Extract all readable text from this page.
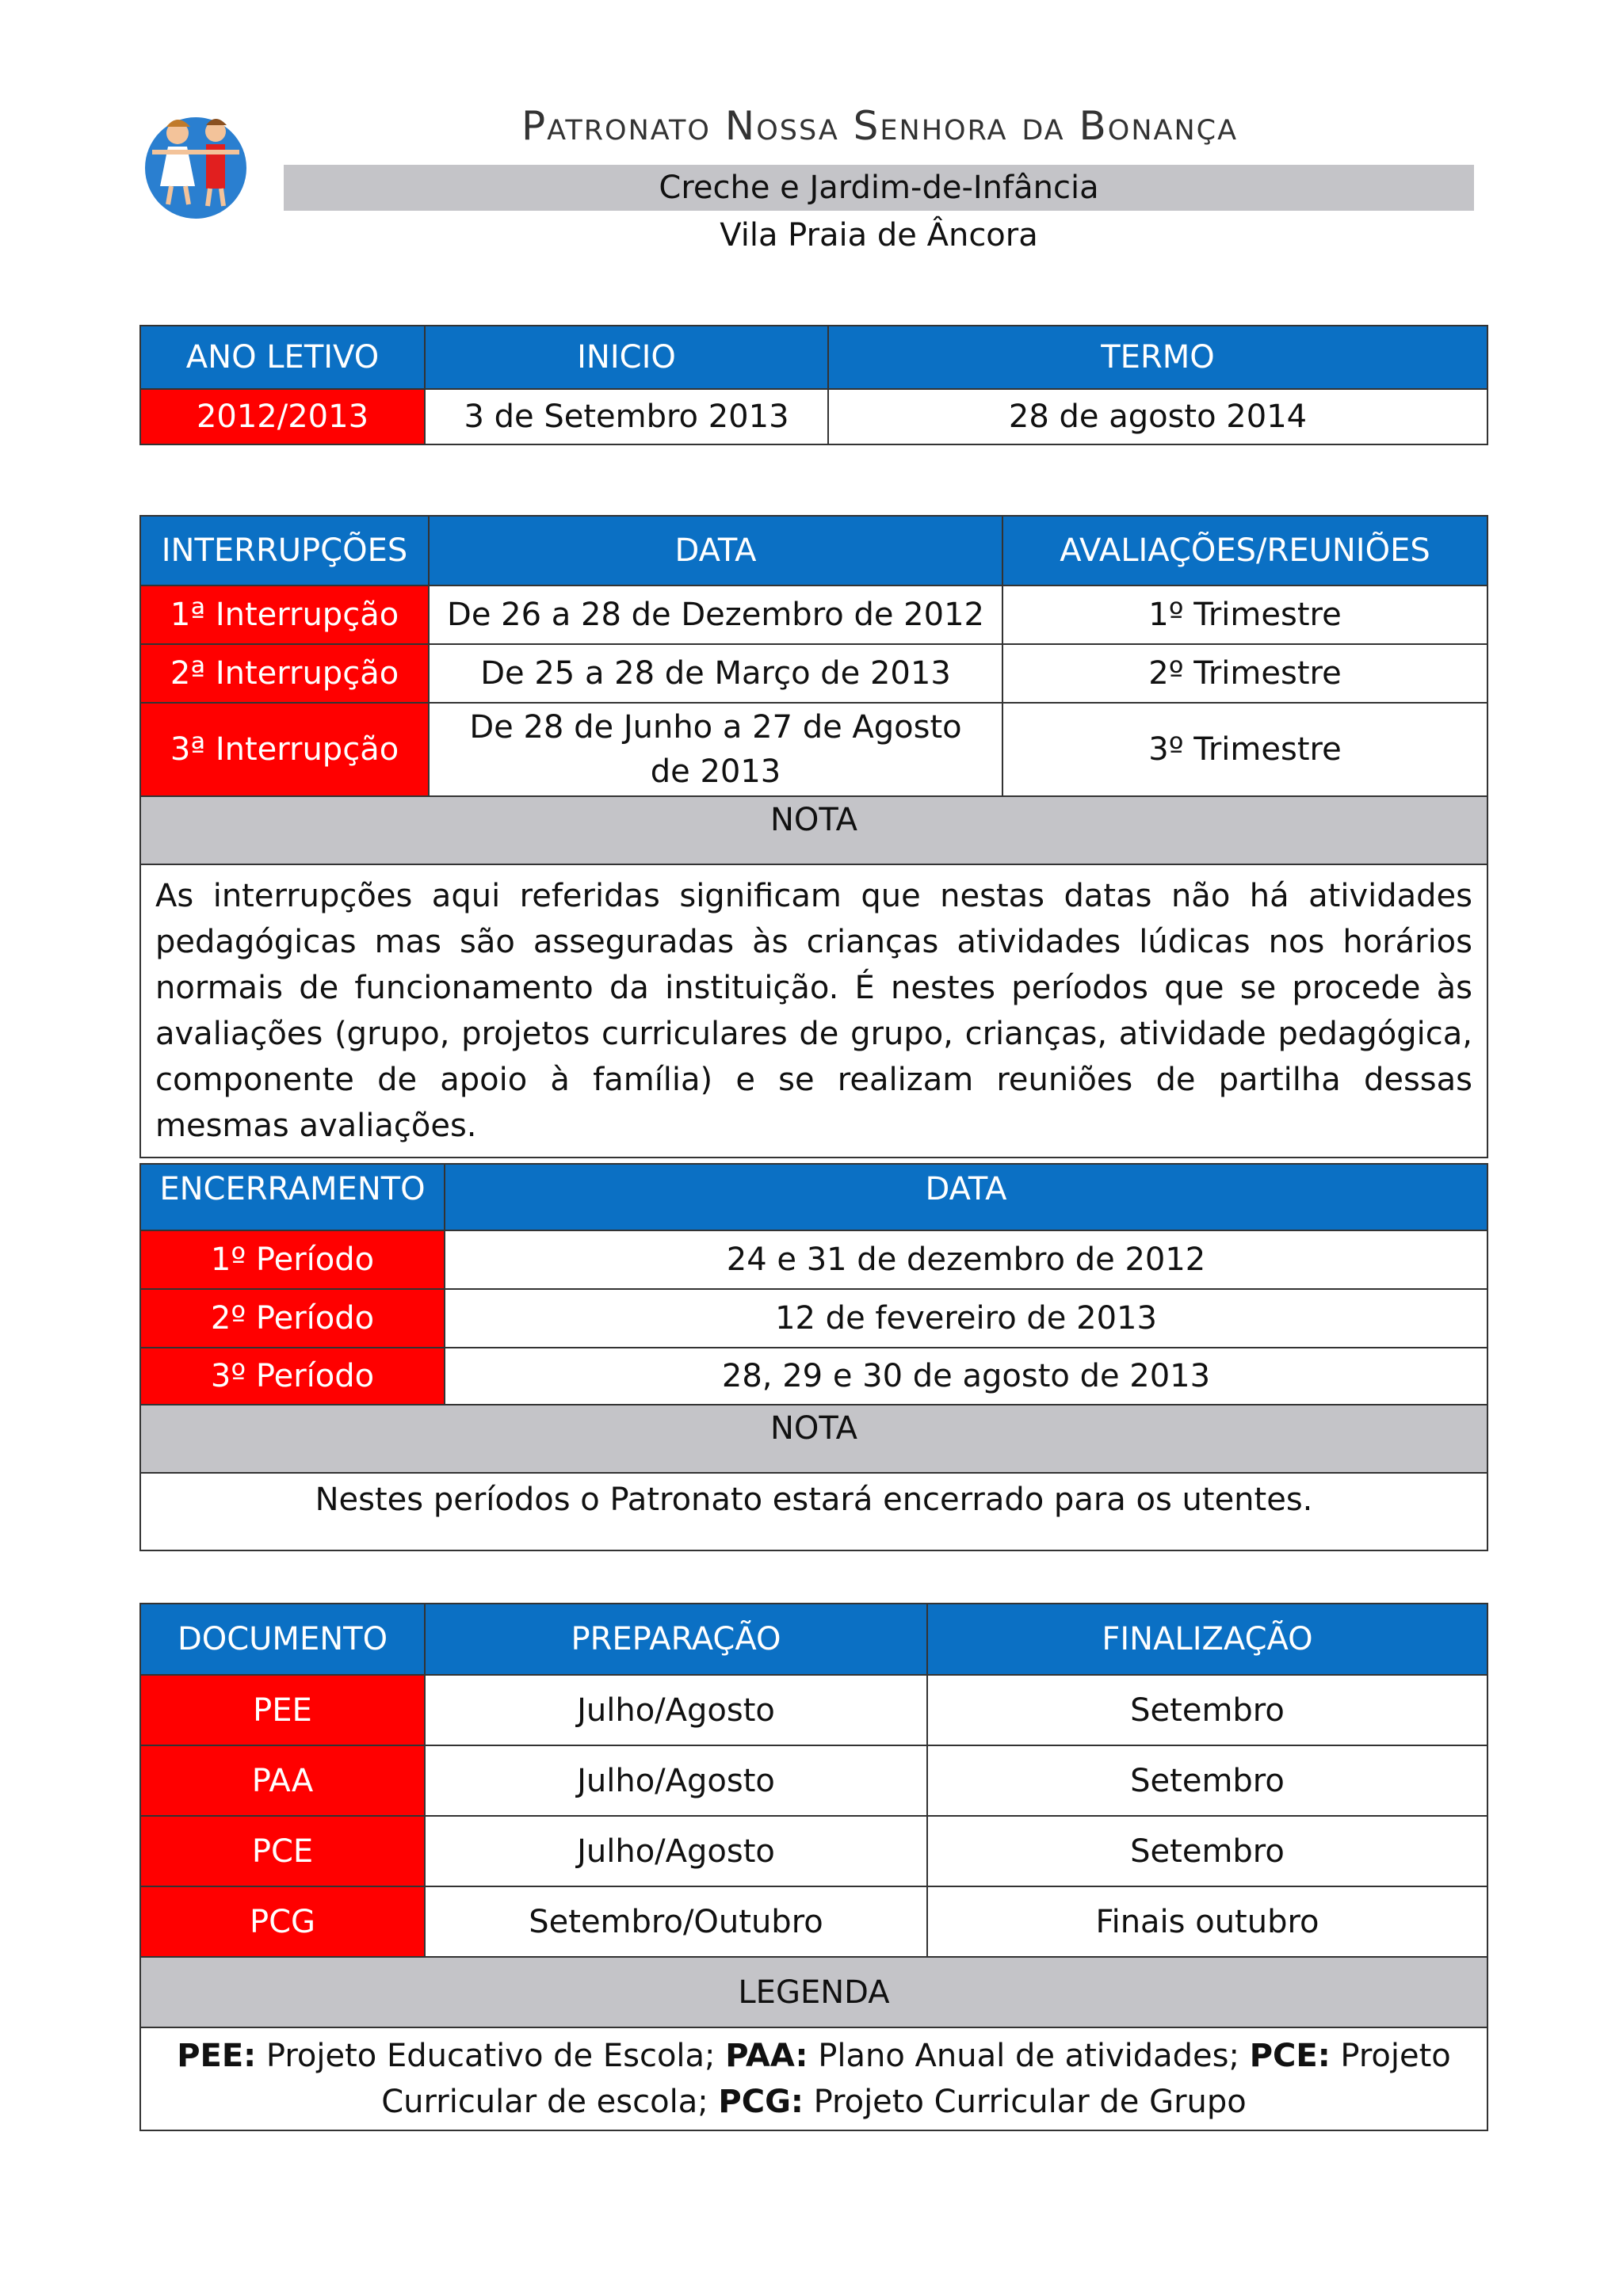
Patronato Nossa Senhora da Bonança
Creche e Jardim-de-Infância
Vila Praia de Âncora
ANO LETIVO	INICIO	TERMO
2012/2013	3 de Setembro 2013	28 de agosto 2014
INTERRUPÇÕES	DATA	AVALIAÇÕES/REUNIÕES
1ª Interrupção	De 26 a 28 de Dezembro de 2012	1º Trimestre
2ª Interrupção	De 25 a 28 de Março de 2013	2º Trimestre
3ª Interrupção	De 28 de Junho a 27 de Agosto de 2013	3º Trimestre
NOTA		
As interrupções aqui referidas significam que nestas datas não há atividades pedagógicas mas são asseguradas às crianças atividades lúdicas nos horários normais de funcionamento da instituição. É nestes períodos que se procede às avaliações (grupo, projetos curriculares de grupo, crianças, atividade pedagógica, componente de apoio à família) e se realizam reuniões de partilha dessas mesmas avaliações.		
ENCERRAMENTO	DATA
1º Período	24 e 31 de dezembro de 2012
2º Período	12 de fevereiro de 2013
3º Período	28, 29 e 30 de agosto de 2013
NOTA	
Nestes períodos o Patronato estará encerrado para os utentes.	
DOCUMENTO	PREPARAÇÃO	FINALIZAÇÃO
PEE	Julho/Agosto	Setembro
PAA	Julho/Agosto	Setembro
PCE	Julho/Agosto	Setembro
PCG	Setembro/Outubro	Finais outubro
LEGENDA		
PEE: Projeto Educativo de Escola; PAA: Plano Anual de atividades; PCE: Projeto Curricular de escola; PCG: Projeto Curricular de Grupo		
